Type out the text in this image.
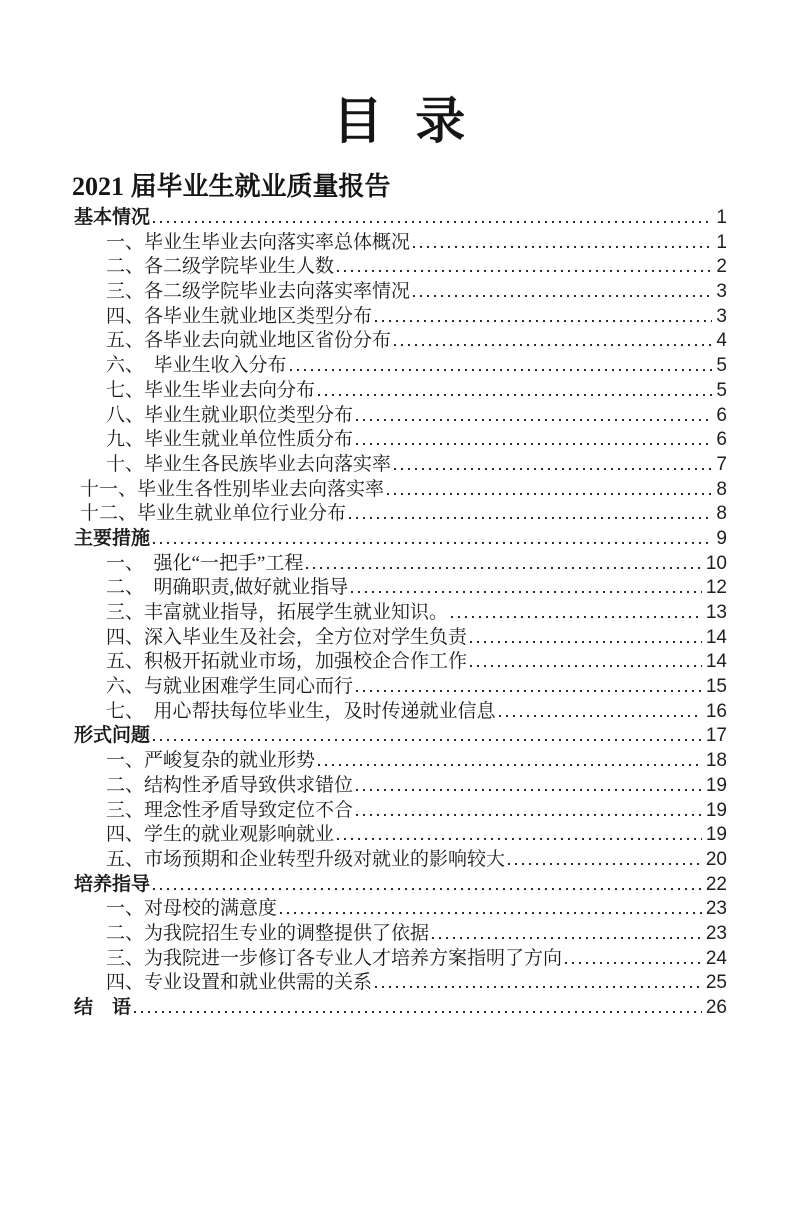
目 录
2021 届毕业生就业质量报告
基本情况	1
一、毕业生毕业去向落实率总体概况	1
二、各二级学院毕业生人数	2
三、各二级学院毕业去向落实率情况	3
四、各毕业生就业地区类型分布	3
五、各毕业去向就业地区省份分布	4
六、　毕业生收入分布	5
七、毕业生毕业去向分布	5
八、毕业生就业职位类型分布	6
九、毕业生就业单位性质分布	6
十、毕业生各民族毕业去向落实率	7
十一、毕业生各性别毕业去向落实率	8
十二、毕业生就业单位行业分布	8
主要措施	9
一、　强化“一把手”工程	10
二、　明确职责,做好就业指导	12
三、丰富就业指导，拓展学生就业知识。	13
四、深入毕业生及社会，全方位对学生负责	14
五、积极开拓就业市场，加强校企合作工作	14
六、与就业困难学生同心而行	15
七、　用心帮扶每位毕业生，及时传递就业信息	16
形式问题	17
一、严峻复杂的就业形势	18
二、结构性矛盾导致供求错位	19
三、理念性矛盾导致定位不合	19
四、学生的就业观影响就业	19
五、市场预期和企业转型升级对就业的影响较大	20
培养指导	22
一、对母校的满意度	23
二、为我院招生专业的调整提供了依据	23
三、为我院进一步修订各专业人才培养方案指明了方向	24
四、专业设置和就业供需的关系	25
结　语	26
